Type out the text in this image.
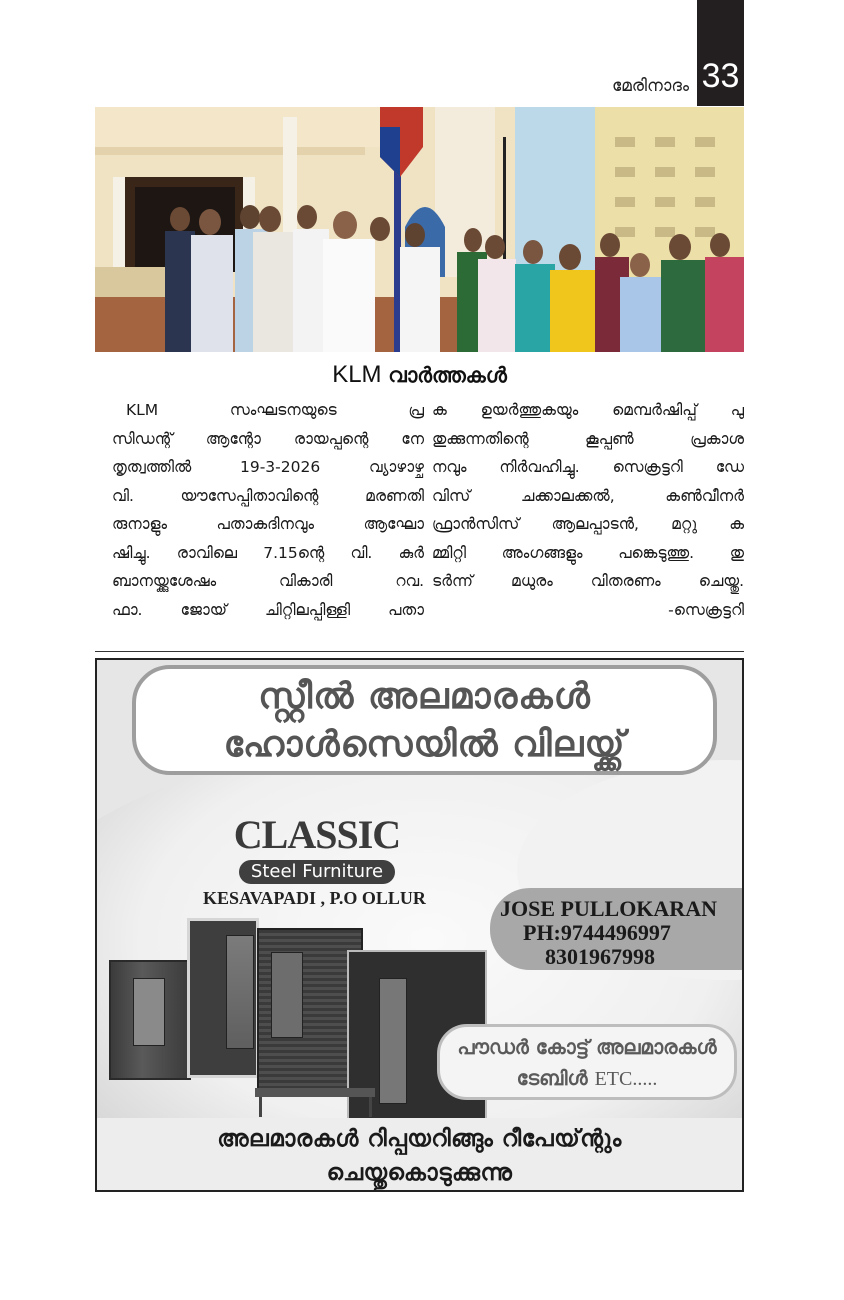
33
മേരിനാദം
KLM വാർത്തകൾ
KLM സംഘടനയുടെ പ്ര
സിഡന്റ് ആന്റോ രായപ്പന്റെ നേ
തൃത്വത്തിൽ 19-3-2026 വ്യാഴാഴ്ച
വി. യൗസേപ്പിതാവിന്റെ മരണതി
രുനാളും പതാകദിനവും ആഘോ
ഷിച്ചു. രാവിലെ 7.15ന്റെ വി. കുർ
ബാനയ്ക്കുശേഷം വികാരി റവ.
ഫാ. ജോയ് ചിറ്റിലപ്പിള്ളി പതാ
ക ഉയർത്തുകയും മെമ്പർഷിപ്പ് പു
തുക്കുന്നതിന്റെ കൂപ്പൺ പ്രകാശ
നവും നിർവഹിച്ചു. സെക്രട്ടറി ഡേ
വിസ് ചക്കാലക്കൽ, കൺവീനർ
ഫ്രാൻസിസ് ആലപ്പാടൻ, മറ്റു ക
മ്മിറ്റി അംഗങ്ങളും പങ്കെടുത്തു. തു
ടർന്ന് മധുരം വിതരണം ചെയ്തു.
-സെക്രട്ടറി
സ്റ്റീൽ അലമാരകൾ
ഹോൾസെയിൽ വിലയ്ക്ക്
CLASSIC
Steel Furniture
KESAVAPADI , P.O OLLUR	JOSE PULLOKARAN
PH:9744496997
8301967998
പൗഡർ കോട്ട് അലമാരകൾ
ടേബിൾ ETC.....
അലമാരകൾ റിപ്പയറിങ്ങും റീപേയ്ന്റും
ചെയ്തുകൊടുക്കുന്നു
